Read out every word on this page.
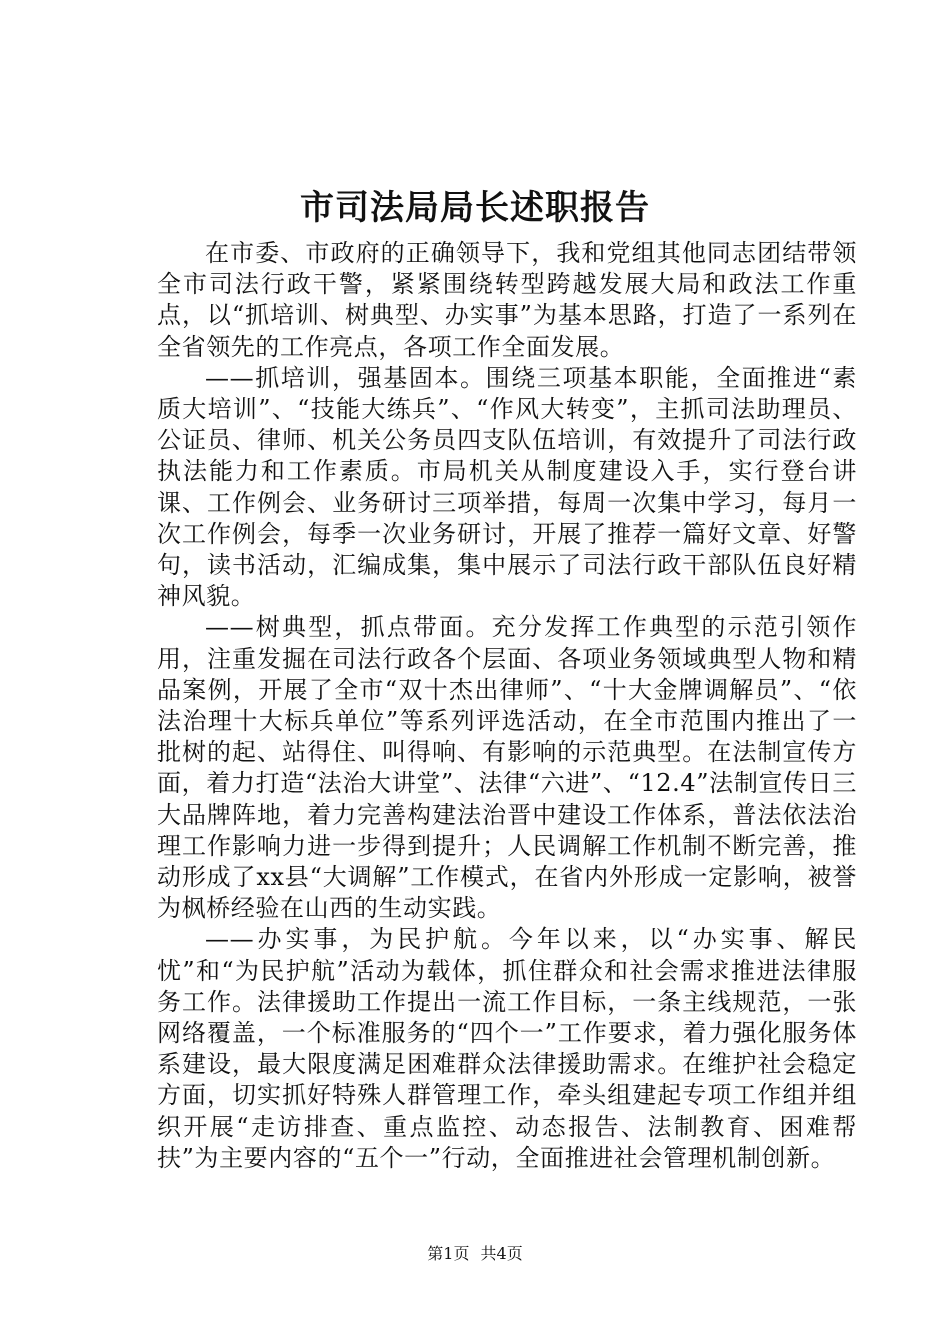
市司法局局长述职报告

在市委、市政府的正确领导下，我和党组其他同志团结带领全市司法行政干警，紧紧围绕转型跨越发展大局和政法工作重点，以“抓培训、树典型、办实事”为基本思路，打造了一系列在全省领先的工作亮点，各项工作全面发展。

——抓培训，强基固本。围绕三项基本职能，全面推进“素质大培训”、“技能大练兵”、“作风大转变”，主抓司法助理员、公证员、律师、机关公务员四支队伍培训，有效提升了司法行政执法能力和工作素质。市局机关从制度建设入手，实行登台讲课、工作例会、业务研讨三项举措，每周一次集中学习，每月一次工作例会，每季一次业务研讨，开展了推荐一篇好文章、好警句，读书活动，汇编成集，集中展示了司法行政干部队伍良好精神风貌。

——树典型，抓点带面。充分发挥工作典型的示范引领作用，注重发掘在司法行政各个层面、各项业务领域典型人物和精品案例，开展了全市“双十杰出律师”、“十大金牌调解员”、“依法治理十大标兵单位”等系列评选活动，在全市范围内推出了一批树的起、站得住、叫得响、有影响的示范典型。在法制宣传方面，着力打造“法治大讲堂”、法律“六进”、“12.4”法制宣传日三大品牌阵地，着力完善构建法治晋中建设工作体系，普法依法治理工作影响力进一步得到提升；人民调解工作机制不断完善，推动形成了xx县“大调解”工作模式，在省内外形成一定影响，被誉为枫桥经验在山西的生动实践。

——办实事，为民护航。今年以来，以“办实事、解民忧”和“为民护航”活动为载体，抓住群众和社会需求推进法律服务工作。法律援助工作提出一流工作目标，一条主线规范，一张网络覆盖，一个标准服务的“四个一”工作要求，着力强化服务体系建设，最大限度满足困难群众法律援助需求。在维护社会稳定方面，切实抓好特殊人群管理工作，牵头组建起专项工作组并组织开展“走访排查、重点监控、动态报告、法制教育、困难帮扶”为主要内容的“五个一”行动，全面推进社会管理机制创新。

第1页 共4页
